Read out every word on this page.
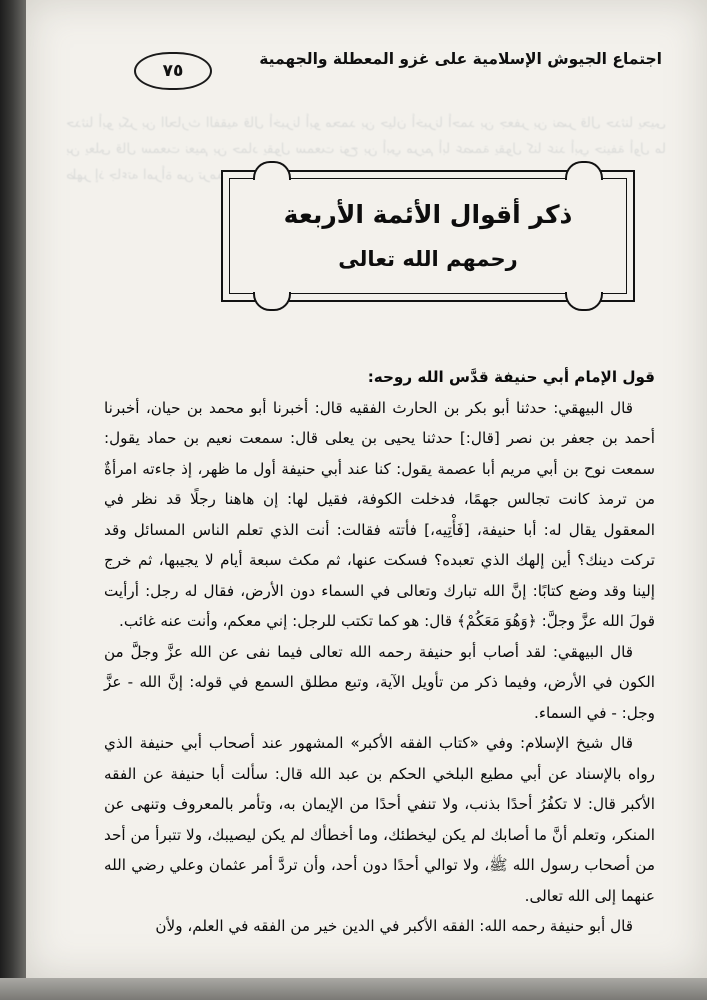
حدثنا أبو بكر بن الحارث الفقيه قال أخبرنا أبو محمد بن حيان أخبرنا أحمد بن جعفر بن نصر قال حدثنا يحيى بن يعلى قال سمعت نعيم بن حماد يقول سمعت نوح بن أبي مريم أبا عصمة يقول كنا عند أبي حنيفة أول ما ظهر إذ جاءته امرأة من ترمذ
٧٥
اجتماع الجيوش الإسلامية على غزو المعطلة والجهمية
ذكر أقوال الأئمة الأربعة
رحمهم الله تعالى

قول الإمام أبي حنيفة قدَّس الله روحه:

قال البيهقي: حدثنا أبو بكر بن الحارث الفقيه قال: أخبرنا أبو محمد بن حيان، أخبرنا أحمد بن جعفر بن نصر [قال:] حدثنا يحيى بن يعلى قال: سمعت نعيم بن حماد يقول: سمعت نوح بن أبي مريم أبا عصمة يقول: كنا عند أبي حنيفة أول ما ظهر، إذ جاءته امرأةٌ من ترمذ كانت تجالس جهمًا، فدخلت الكوفة، فقيل لها: إن هاهنا رجلًا قد نظر في المعقول يقال له: أبا حنيفة، [فَأْتِيه،] فأتته فقالت: أنت الذي تعلم الناس المسائل وقد تركت دينك؟ أين إلهك الذي تعبده؟ فسكت عنها، ثم مكث سبعة أيام لا يجيبها، ثم خرج إلينا وقد وضع كتابًا: إنَّ الله تبارك وتعالى في السماء دون الأرض، فقال له رجل: أرأيت قولَ الله عزَّ وجلَّ: ﴿وَهُوَ مَعَكُمْ﴾ قال: هو كما تكتب للرجل: إني معكم، وأنت عنه غائب.

قال البيهقي: لقد أصاب أبو حنيفة رحمه الله تعالى فيما نفى عن الله عزَّ وجلَّ من الكون في الأرض، وفيما ذكر من تأويل الآية، وتبع مطلق السمع في قوله: إنَّ الله - عزَّ وجل: - في السماء.

قال شيخ الإسلام: وفي «كتاب الفقه الأكبر» المشهور عند أصحاب أبي حنيفة الذي رواه بالإسناد عن أبي مطيع البلخي الحكم بن عبد الله قال: سألت أبا حنيفة عن الفقه الأكبر قال: لا تكفُرُ أحدًا بذنب، ولا تنفي أحدًا من الإيمان به، وتأمر بالمعروف وتنهى عن المنكر، وتعلم أنَّ ما أصابك لم يكن ليخطئك، وما أخطأك لم يكن ليصيبك، ولا تتبرأ من أحد من أصحاب رسول الله ﷺ، ولا توالي أحدًا دون أحد، وأن تردَّ أمر عثمان وعلي رضي الله عنهما إلى الله تعالى.

قال أبو حنيفة رحمه الله: الفقه الأكبر في الدين خير من الفقه في العلم، ولأن
